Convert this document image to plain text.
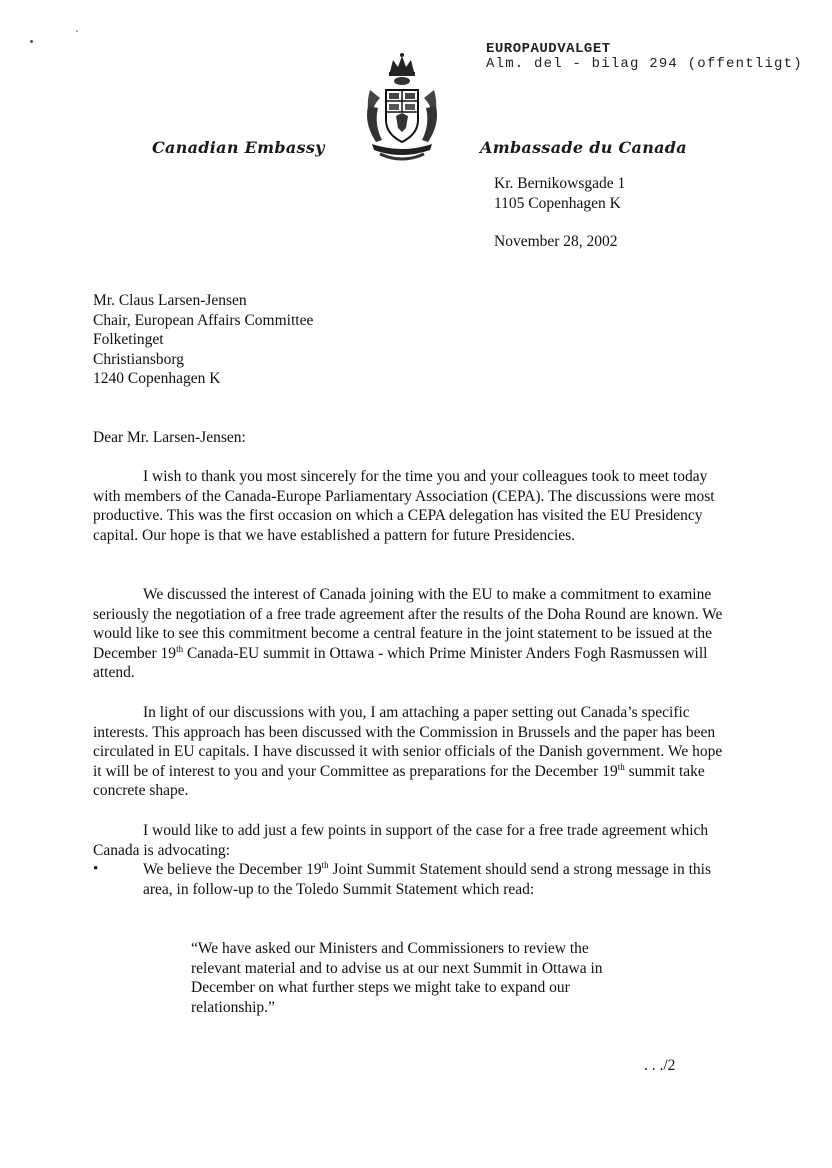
EUROPAUDVALGET
Alm. del - bilag 294 (offentligt)
Canadian Embassy	Ambassade du Canada
Kr. Bernikowsgade 1
1105 Copenhagen K
November 28, 2002
Mr. Claus Larsen-Jensen
Chair, European Affairs Committee
Folketinget
Christiansborg
1240 Copenhagen K
Dear Mr. Larsen-Jensen:

I wish to thank you most sincerely for the time you and your colleagues took to meet today with members of the Canada-Europe Parliamentary Association (CEPA). The discussions were most productive. This was the first occasion on which a CEPA delegation has visited the EU Presidency capital. Our hope is that we have established a pattern for future Presidencies.

We discussed the interest of Canada joining with the EU to make a commitment to examine seriously the negotiation of a free trade agreement after the results of the Doha Round are known. We would like to see this commitment become a central feature in the joint statement to be issued at the December 19th Canada-EU summit in Ottawa - which Prime Minister Anders Fogh Rasmussen will attend.

In light of our discussions with you, I am attaching a paper setting out Canada’s specific interests. This approach has been discussed with the Commission in Brussels and the paper has been circulated in EU capitals. I have discussed it with senior officials of the Danish government. We hope it will be of interest to you and your Committee as preparations for the December 19th summit take concrete shape.

I would like to add just a few points in support of the case for a free trade agreement which Canada is advocating:

•	We believe the December 19th Joint Summit Statement should send a strong message in this area, in follow-up to the Toledo Summit Statement which read:

“We have asked our Ministers and Commissioners to review the relevant material and to advise us at our next Summit in Ottawa in December on what further steps we might take to expand our relationship.”

. . ./2
